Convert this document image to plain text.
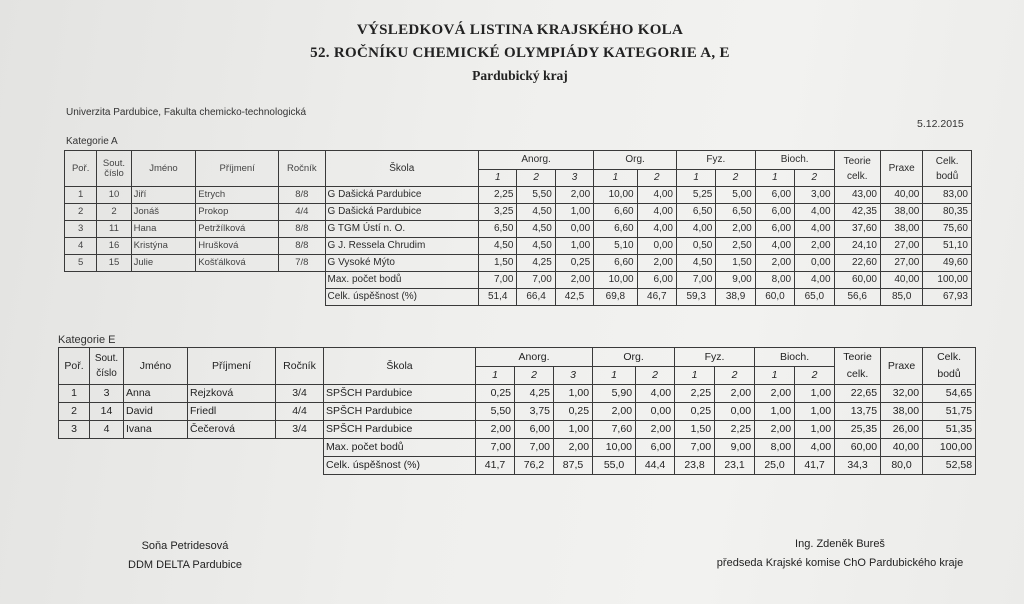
VÝSLEDKOVÁ LISTINA KRAJSKÉHO KOLA
52. ROČNÍKU CHEMICKÉ OLYMPIÁDY KATEGORIE A, E
Pardubický kraj
Univerzita Pardubice, Fakulta chemicko-technologická
5.12.2015
Kategorie A
Poř.	Sout. číslo	Jméno	Příjmení	Ročník	Škola	Anorg.			Org.		Fyz.		Bioch.		Teorie celk.	Praxe	Celk. bodů
						1	2	3	1	2	1	2	1	2			
1	10	Jiří	Etrych	8/8	G Dašická Pardubice	2,25	5,50	2,00	10,00	4,00	5,25	5,00	6,00	3,00	43,00	40,00	83,00
2	2	Jonáš	Prokop	4/4	G Dašická Pardubice	3,25	4,50	1,00	6,60	4,00	6,50	6,50	6,00	4,00	42,35	38,00	80,35
3	11	Hana	Petržílková	8/8	G TGM Ústí n. O.	6,50	4,50	0,00	6,60	4,00	4,00	2,00	6,00	4,00	37,60	38,00	75,60
4	16	Kristýna	Hrušková	8/8	G J. Ressela Chrudim	4,50	4,50	1,00	5,10	0,00	0,50	2,50	4,00	2,00	24,10	27,00	51,10
5	15	Julie	Košťálková	7/8	G Vysoké Mýto	1,50	4,25	0,25	6,60	2,00	4,50	1,50	2,00	0,00	22,60	27,00	49,60
					Max. počet bodů	7,00	7,00	2,00	10,00	6,00	7,00	9,00	8,00	4,00	60,00	40,00	100,00
					Celk. úspěšnost (%)	51,4	66,4	42,5	69,8	46,7	59,3	38,9	60,0	65,0	56,6	85,0	67,93
Kategorie E
Poř.	Sout. číslo	Jméno	Příjmení	Ročník	Škola	Anorg.			Org.		Fyz.		Bioch.		Teorie celk.	Praxe	Celk. bodů
						1	2	3	1	2	1	2	1	2			
1	3	Anna	Rejzková	3/4	SPŠCH Pardubice	0,25	4,25	1,00	5,90	4,00	2,25	2,00	2,00	1,00	22,65	32,00	54,65
2	14	David	Friedl	4/4	SPŠCH Pardubice	5,50	3,75	0,25	2,00	0,00	0,25	0,00	1,00	1,00	13,75	38,00	51,75
3	4	Ivana	Čečerová	3/4	SPŠCH Pardubice	2,00	6,00	1,00	7,60	2,00	1,50	2,25	2,00	1,00	25,35	26,00	51,35
					Max. počet bodů	7,00	7,00	2,00	10,00	6,00	7,00	9,00	8,00	4,00	60,00	40,00	100,00
					Celk. úspěšnost (%)	41,7	76,2	87,5	55,0	44,4	23,8	23,1	25,0	41,7	34,3	80,0	52,58
Soňa Petridesová
DDM DELTA Pardubice
Ing. Zdeněk Bureš
předseda Krajské komise ChO Pardubického kraje
